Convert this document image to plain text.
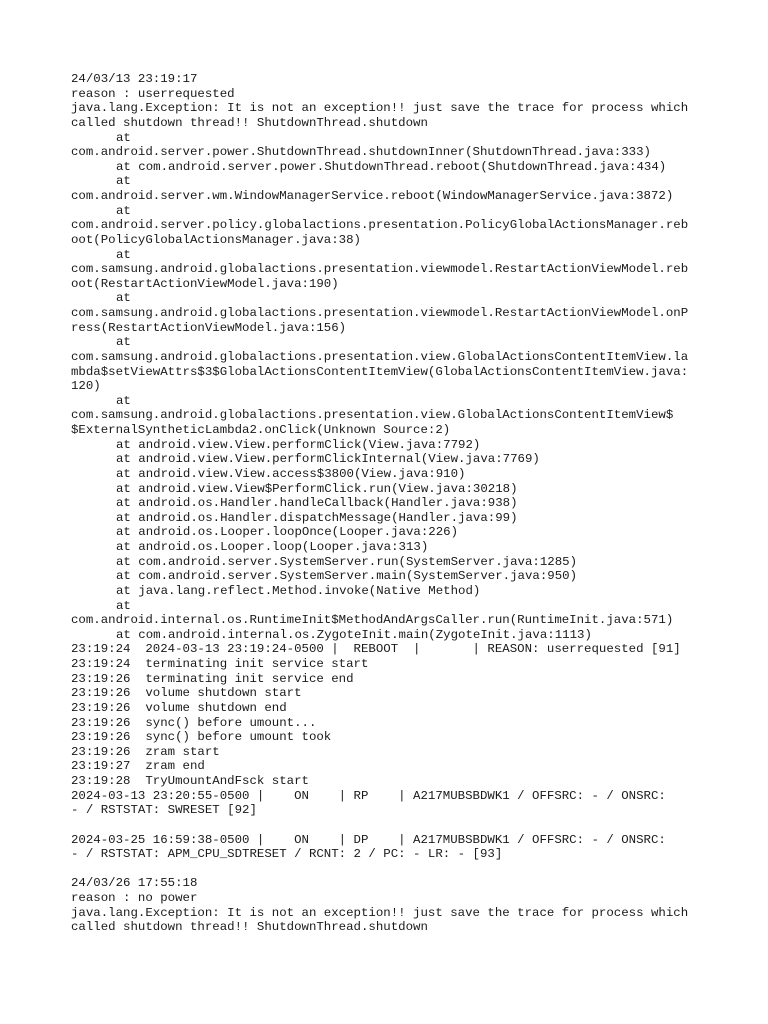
24/03/13 23:19:17
reason : userrequested
java.lang.Exception: It is not an exception!! just save the trace for process which
called shutdown thread!! ShutdownThread.shutdown
at
com.android.server.power.ShutdownThread.shutdownInner(ShutdownThread.java:333)
at com.android.server.power.ShutdownThread.reboot(ShutdownThread.java:434)
at
com.android.server.wm.WindowManagerService.reboot(WindowManagerService.java:3872)
at
com.android.server.policy.globalactions.presentation.PolicyGlobalActionsManager.reb
oot(PolicyGlobalActionsManager.java:38)
at
com.samsung.android.globalactions.presentation.viewmodel.RestartActionViewModel.reb
oot(RestartActionViewModel.java:190)
at
com.samsung.android.globalactions.presentation.viewmodel.RestartActionViewModel.onP
ress(RestartActionViewModel.java:156)
at
com.samsung.android.globalactions.presentation.view.GlobalActionsContentItemView.la
mbda$setViewAttrs$3$GlobalActionsContentItemView(GlobalActionsContentItemView.java:
120)
at
com.samsung.android.globalactions.presentation.view.GlobalActionsContentItemView$
$ExternalSyntheticLambda2.onClick(Unknown Source:2)
at android.view.View.performClick(View.java:7792)
at android.view.View.performClickInternal(View.java:7769)
at android.view.View.access$3800(View.java:910)
at android.view.View$PerformClick.run(View.java:30218)
at android.os.Handler.handleCallback(Handler.java:938)
at android.os.Handler.dispatchMessage(Handler.java:99)
at android.os.Looper.loopOnce(Looper.java:226)
at android.os.Looper.loop(Looper.java:313)
at com.android.server.SystemServer.run(SystemServer.java:1285)
at com.android.server.SystemServer.main(SystemServer.java:950)
at java.lang.reflect.Method.invoke(Native Method)
at
com.android.internal.os.RuntimeInit$MethodAndArgsCaller.run(RuntimeInit.java:571)
at com.android.internal.os.ZygoteInit.main(ZygoteInit.java:1113)
23:19:24  2024-03-13 23:19:24-0500 |  REBOOT  |       | REASON: userrequested [91]
23:19:24  terminating init service start
23:19:26  terminating init service end
23:19:26  volume shutdown start
23:19:26  volume shutdown end
23:19:26  sync() before umount...
23:19:26  sync() before umount took
23:19:26  zram start
23:19:27  zram end
23:19:28  TryUmountAndFsck start
2024-03-13 23:20:55-0500 |    ON    | RP    | A217MUBSBDWK1 / OFFSRC: - / ONSRC:
- / RSTSTAT: SWRESET [92]
2024-03-25 16:59:38-0500 |    ON    | DP    | A217MUBSBDWK1 / OFFSRC: - / ONSRC:
- / RSTSTAT: APM_CPU_SDTRESET / RCNT: 2 / PC: - LR: - [93]
24/03/26 17:55:18
reason : no power
java.lang.Exception: It is not an exception!! just save the trace for process which
called shutdown thread!! ShutdownThread.shutdown
